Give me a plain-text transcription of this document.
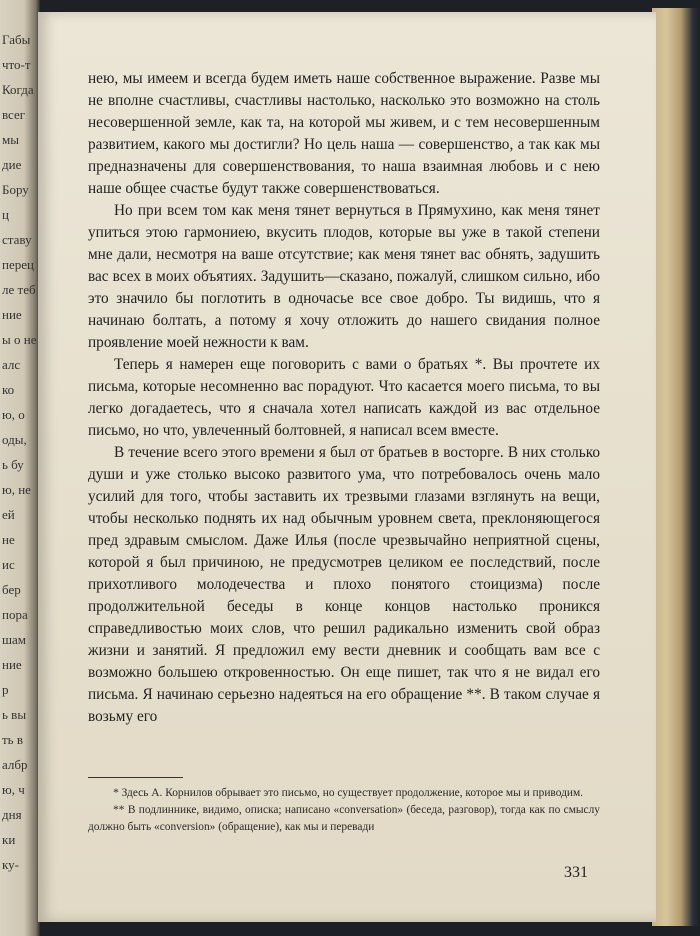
Габы
что-т
Когда
всег
мы
дие
Бору
ц
ставу
перец
ле теб
ние
ы о не
алс
ко
ю, о
оды,
ь бу
ю, не
ей
не
ис
бер
пора
шам
ние
р
ь вы
ть в
албр
ю, ч
дня
ки
ку-

нею, мы имеем и всегда будем иметь наше собственное выражение. Разве мы не вполне счастливы, счастливы настолько, насколько это возможно на столь несовершенной земле, как та, на которой мы живем, и с тем несовершенным развитием, какого мы достигли? Но цель наша — совершенство, а так как мы предназначены для совершенствования, то наша взаимная любовь и с нею наше общее счастье будут также совершенствоваться.

Но при всем том как меня тянет вернуться в Прямухино, как меня тянет упиться этою гармониею, вкусить плодов, которые вы уже в такой степени мне дали, несмотря на ваше отсутствие; как меня тянет вас обнять, задушить вас всех в моих объятиях. Задушить—сказано, пожалуй, слишком сильно, ибо это значило бы поглотить в одночасье все свое добро. Ты видишь, что я начинаю болтать, а потому я хочу отложить до нашего свидания полное проявление моей нежности к вам.

Теперь я намерен еще поговорить с вами о братьях *. Вы прочтете их письма, которые несомненно вас порадуют. Что касается моего письма, то вы легко догадаетесь, что я сначала хотел написать каждой из вас отдельное письмо, но что, увлеченный болтовней, я написал всем вместе.

В течение всего этого времени я был от братьев в восторге. В них столько души и уже столько высоко развитого ума, что потребовалось очень мало усилий для того, чтобы заставить их трезвыми глазами взглянуть на вещи, чтобы несколько поднять их над обычным уровнем света, преклоняющегося пред здравым смыслом. Даже Илья (после чрезвычайно неприятной сцены, которой я был причиною, не предусмотрев целиком ее последствий, после прихотливого молодечества и плохо понятого стоицизма) после продолжительной беседы в конце концов настолько проникся справедливостью моих слов, что решил радикально изменить свой образ жизни и занятий. Я предложил ему вести дневник и сообщать вам все с возможно большею откровенностью. Он еще пишет, так что я не видал его письма. Я начинаю серьезно надеяться на его обращение **. В таком случае я возьму его

* Здесь А. Корнилов обрывает это письмо, но существует продолжение, которое мы и приводим.

** В подлиннике, видимо, описка; написано «conversation» (беседа, разговор), тогда как по смыслу должно быть «conversion» (обращение), как мы и перевади

331
